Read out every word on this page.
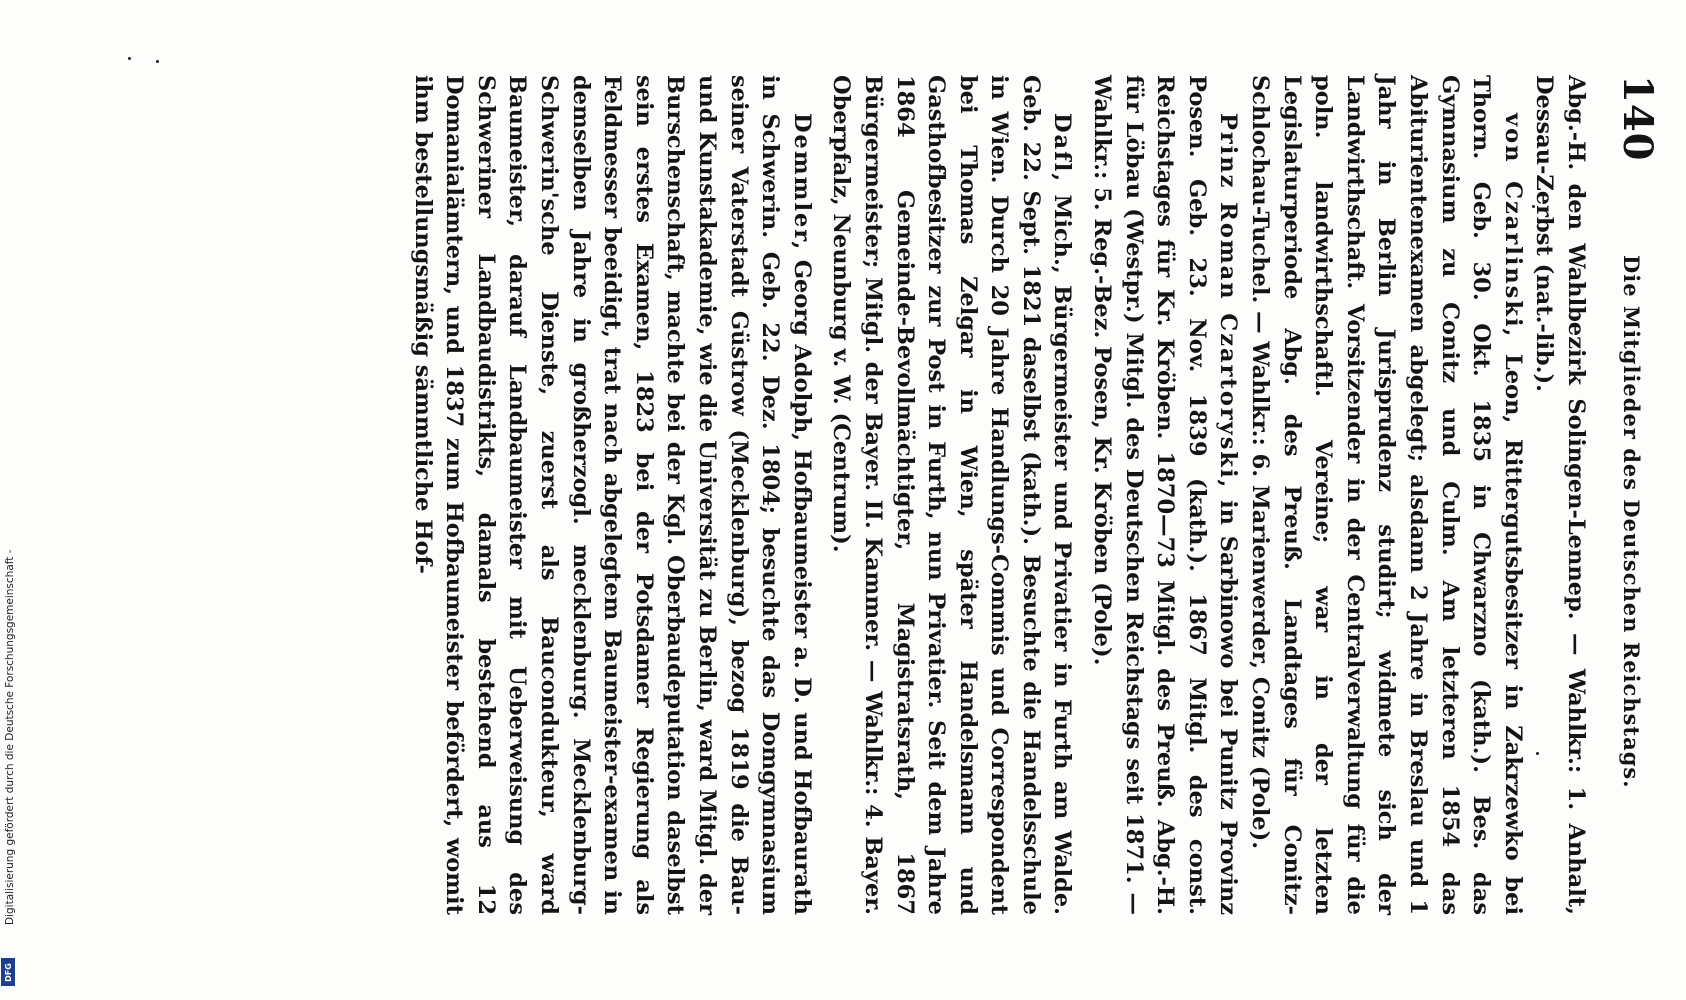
Digitalisierung gefördert durch die Deutsche Forschungsgemeinschaft -
DFG
140
Die Mitglieder des Deutschen Reichstags.

Abg.-H. den Wahlbezirk Solingen-Lennep. — Wahlkr.: 1. Anhalt, Dessau-Zerbst (nat.-lib.).

von Czarlinski, Leon, Rittergutsbesitzer in Zakrzewko bei Thorn. Geb. 30. Okt. 1835 in Chwarzno (kath.). Bes. das Gymnasium zu Conitz und Culm. Am letzteren 1854 das Abiturientenexamen abgelegt; alsdann 2 Jahre in Breslau und 1 Jahr in Berlin Jurisprudenz studirt; widmete sich der Landwirthschaft. Vorsitzender in der Centralverwaltung für die poln. landwirthschaftl. Vereine; war in der letzten Legislaturperiode Abg. des Preuß. Landtages für Conitz-Schlochau-Tuchel. — Wahlkr.: 6. Marienwerder, Conitz (Pole).

Prinz Roman Czartoryski, in Sarbinowo bei Punitz Provinz Posen. Geb. 23. Nov. 1839 (kath.). 1867 Mitgl. des const. Reichstages für Kr. Kröben. 1870—73 Mitgl. des Preuß. Abg.-H. für Löbau (Westpr.) Mitgl. des Deutschen Reichstags seit 1871. — Wahlkr.: 5. Reg.-Bez. Posen, Kr. Kröben (Pole).

Dafl, Mich., Bürgermeister und Privatier in Furth am Walde. Geb. 22. Sept. 1821 daselbst (kath.). Besuchte die Handelsschule in Wien. Durch 20 Jahre Handlungs-Commis und Correspondent bei Thomas Zelgar in Wien, später Handelsmann und Gasthofbesitzer zur Post in Furth, nun Privatier. Seit dem Jahre 1864 Gemeinde-Bevollmächtigter, Magistratsrath, 1867 Bürgermeister; Mitgl. der Bayer. II. Kammer. — Wahlkr.: 4. Bayer. Oberpfalz, Neunburg v. W. (Centrum).

Demmler, Georg Adolph, Hofbaumeister a. D. und Hofbaurath in Schwerin. Geb. 22. Dez. 1804; besuchte das Domgymnasium seiner Vaterstadt Güstrow (Mecklenburg), bezog 1819 die Bau- und Kunstakademie, wie die Universität zu Berlin, ward Mitgl. der Burschenschaft, machte bei der Kgl. Oberbaudeputation daselbst sein erstes Examen, 1823 bei der Potsdamer Regierung als Feldmesser beeidigt, trat nach abgelegtem Baumeister-examen in demselben Jahre in großherzogl. mecklenburg. Mecklenburg-Schwerin'sche Dienste, zuerst als Baucondukteur, ward Baumeister, darauf Landbaumeister mit Ueberweisung des Schweriner Landbaudistrikts, damals bestehend aus 12 Domanialämtern, und 1837 zum Hofbaumeister befördert, womit ihm bestellungsmäßig sämmtliche Hof-
